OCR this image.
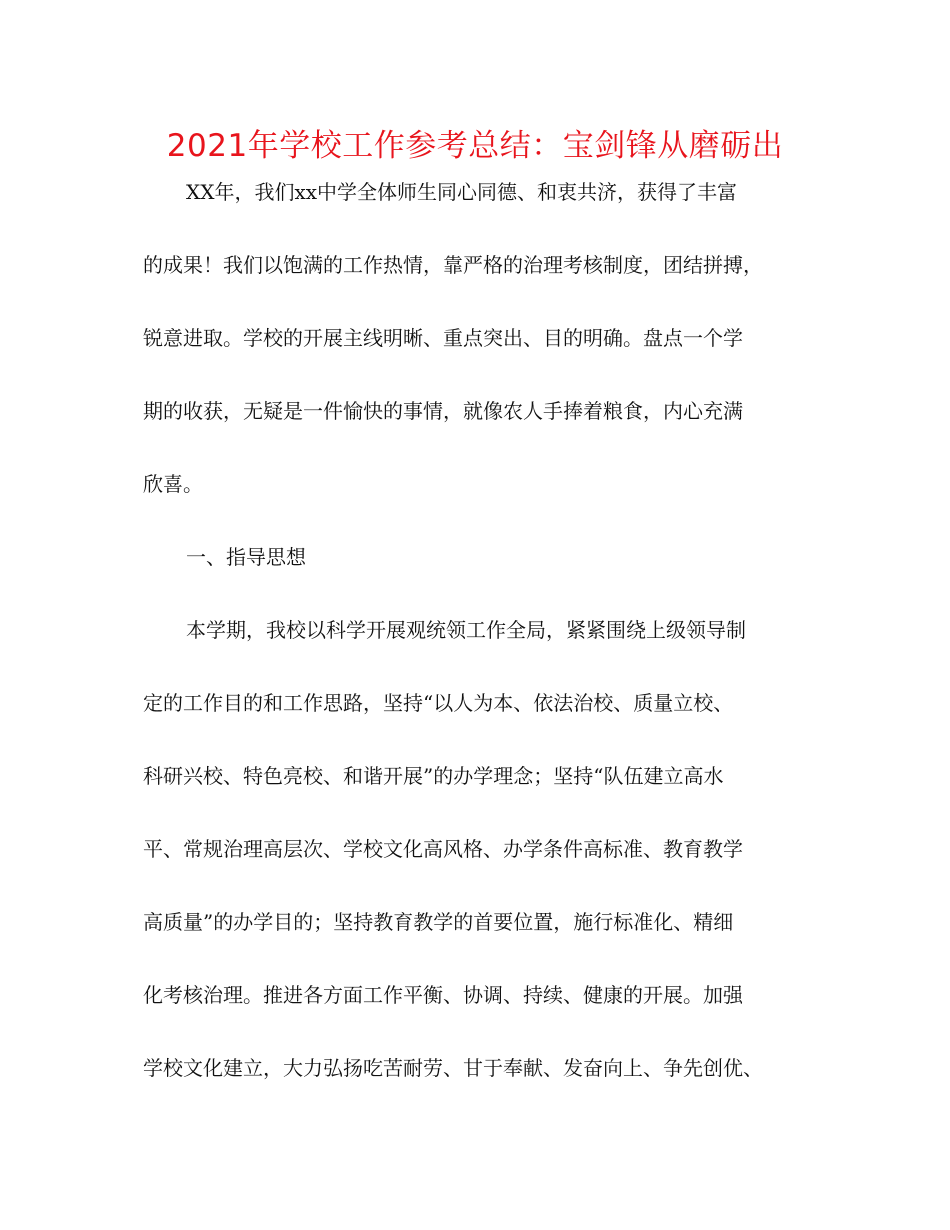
2021年学校工作参考总结：宝剑锋从磨砺出
XX年，我们xx中学全体师生同心同德、和衷共济，获得了丰富
的成果！我们以饱满的工作热情，靠严格的治理考核制度，团结拼搏，
锐意进取。学校的开展主线明晰、重点突出、目的明确。盘点一个学
期的收获，无疑是一件愉快的事情，就像农人手捧着粮食，内心充满
欣喜。
一、指导思想
本学期，我校以科学开展观统领工作全局，紧紧围绕上级领导制
定的工作目的和工作思路，坚持“以人为本、依法治校、质量立校、
科研兴校、特色亮校、和谐开展”的办学理念；坚持“队伍建立高水
平、常规治理高层次、学校文化高风格、办学条件高标准、教育教学
高质量”的办学目的；坚持教育教学的首要位置，施行标准化、精细
化考核治理。推进各方面工作平衡、协调、持续、健康的开展。加强
学校文化建立，大力弘扬吃苦耐劳、甘于奉献、发奋向上、争先创优、
